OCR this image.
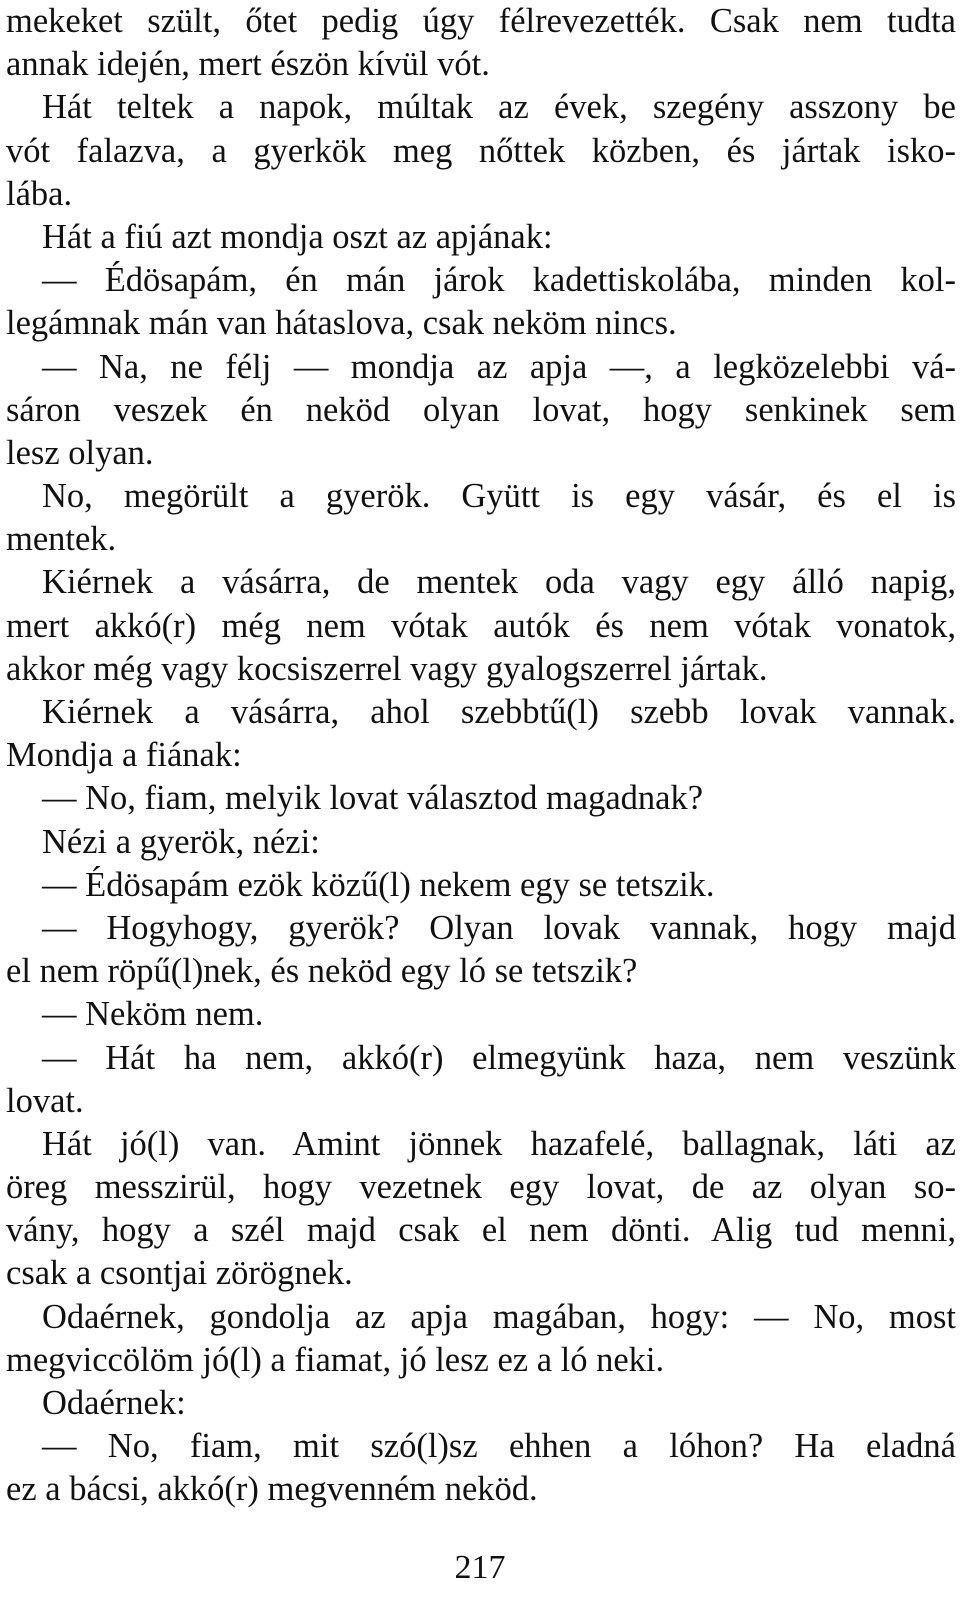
mekeket szült, őtet pedig úgy félrevezették. Csak nem tudta
annak idején, mert észön kívül vót.
Hát teltek a napok, múltak az évek, szegény asszony be
vót falazva, a gyerkök meg nőttek közben, és jártak isko-
lába.
Hát a fiú azt mondja oszt az apjának:
— Édösapám, én mán járok kadettiskolába, minden kol-
legámnak mán van hátaslova, csak neköm nincs.
— Na, ne félj — mondja az apja —, a legközelebbi vá-
sáron veszek én neköd olyan lovat, hogy senkinek sem
lesz olyan.
No, megörült a gyerök. Gyütt is egy vásár, és el is
mentek.
Kiérnek a vásárra, de mentek oda vagy egy álló napig,
mert akkó(r) még nem vótak autók és nem vótak vonatok,
akkor még vagy kocsiszerrel vagy gyalogszerrel jártak.
Kiérnek a vásárra, ahol szebbtű(l) szebb lovak vannak.
Mondja a fiának:
— No, fiam, melyik lovat választod magadnak?
Nézi a gyerök, nézi:
— Édösapám ezök közű(l) nekem egy se tetszik.
— Hogyhogy, gyerök? Olyan lovak vannak, hogy majd
el nem röpű(l)nek, és neköd egy ló se tetszik?
— Neköm nem.
— Hát ha nem, akkó(r) elmegyünk haza, nem veszünk
lovat.
Hát jó(l) van. Amint jönnek hazafelé, ballagnak, láti az
öreg messzirül, hogy vezetnek egy lovat, de az olyan so-
vány, hogy a szél majd csak el nem dönti. Alig tud menni,
csak a csontjai zörögnek.
Odaérnek, gondolja az apja magában, hogy: — No, most
megviccölöm jó(l) a fiamat, jó lesz ez a ló neki.
Odaérnek:
— No, fiam, mit szó(l)sz ehhen a lóhon? Ha eladná
ez a bácsi, akkó(r) megvenném neköd.
217
